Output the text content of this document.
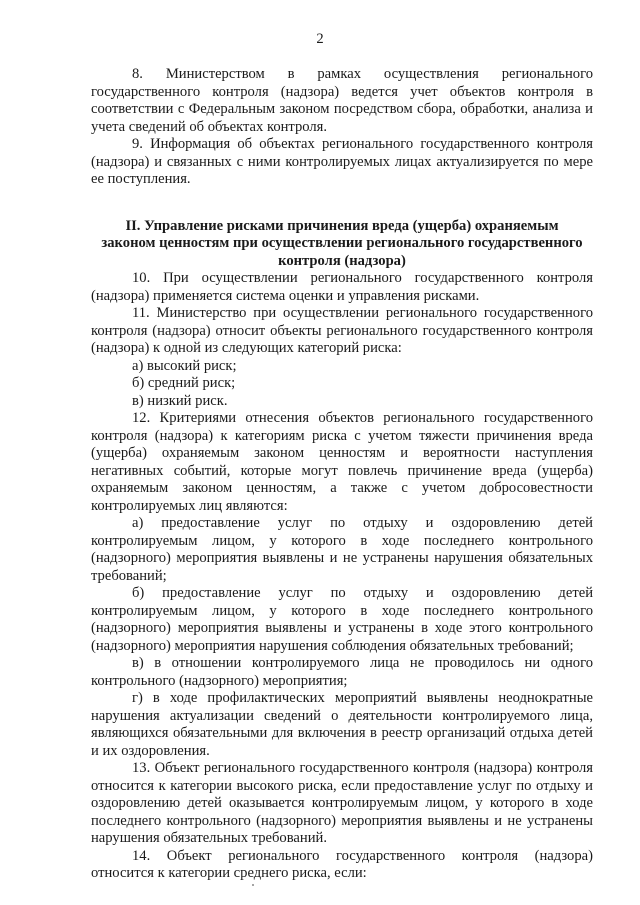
2

8. Министерством в рамках осуществления регионального государственного контроля (надзора) ведется учет объектов контроля в соответствии с Федеральным законом посредством сбора, обработки, анализа и учета сведений об объектах контроля.

9. Информация об объектах регионального государственного контроля (надзора) и связанных с ними контролируемых лицах актуализируется по мере ее поступления.

II. Управление рисками причинения вреда (ущерба) охраняемым законом ценностям при осуществлении регионального государственного контроля (надзора)

10. При осуществлении регионального государственного контроля (надзора) применяется система оценки и управления рисками.

11. Министерство при осуществлении регионального государственного контроля (надзора) относит объекты регионального государственного контроля (надзора) к одной из следующих категорий риска:

а) высокий риск;

б) средний риск;

в) низкий риск.

12. Критериями отнесения объектов регионального государственного контроля (надзора) к категориям риска с учетом тяжести причинения вреда (ущерба) охраняемым законом ценностям и вероятности наступления негативных событий, которые могут повлечь причинение вреда (ущерба) охраняемым законом ценностям, а также с учетом добросовестности контролируемых лиц являются:

а) предоставление услуг по отдыху и оздоровлению детей контролируемым лицом, у которого в ходе последнего контрольного (надзорного) мероприятия выявлены и не устранены нарушения обязательных требований;

б) предоставление услуг по отдыху и оздоровлению детей контролируемым лицом, у которого в ходе последнего контрольного (надзорного) мероприятия выявлены и устранены в ходе этого контрольного (надзорного) мероприятия нарушения соблюдения обязательных требований;

в) в отношении контролируемого лица не проводилось ни одного контрольного (надзорного) мероприятия;

г) в ходе профилактических мероприятий выявлены неоднократные нарушения актуализации сведений о деятельности контролируемого лица, являющихся обязательными для включения в реестр организаций отдыха детей и их оздоровления.

13. Объект регионального государственного контроля (надзора) контроля относится к категории высокого риска, если предоставление услуг по отдыху и оздоровлению детей оказывается контролируемым лицом, у которого в ходе последнего контрольного (надзорного) мероприятия выявлены и не устранены нарушения обязательных требований.

14. Объект регионального государственного контроля (надзора) относится к категории среднего риска, если:
